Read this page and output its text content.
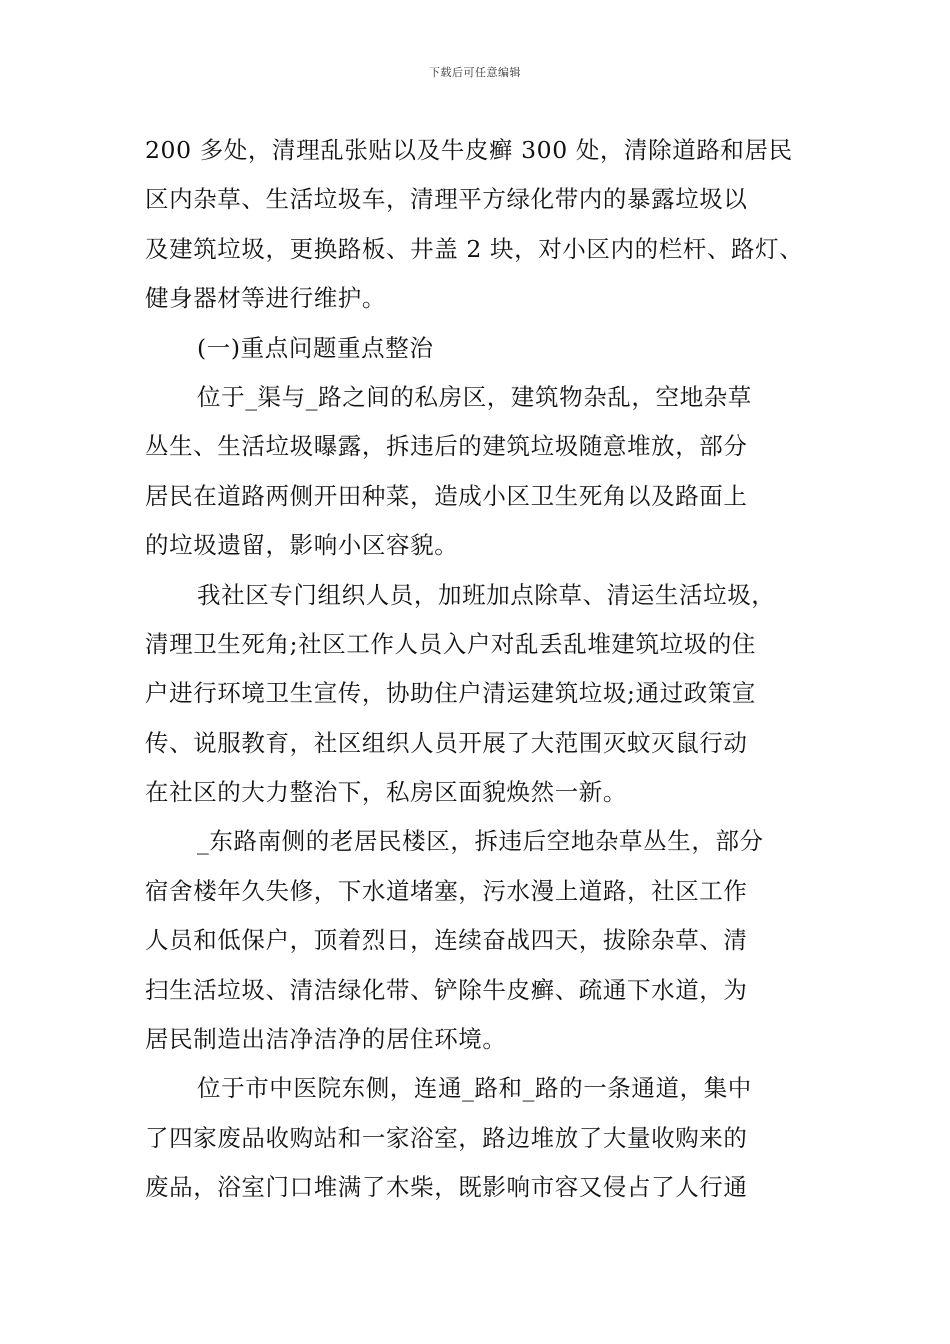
下载后可任意编辑
200 多处，清理乱张贴以及牛皮癣 300 处，清除道路和居民
区内杂草、生活垃圾车，清理平方绿化带内的暴露垃圾以
及建筑垃圾，更换路板、井盖 2 块，对小区内的栏杆、路灯、
健身器材等进行维护。
(一)重点问题重点整治
位于_渠与_路之间的私房区，建筑物杂乱，空地杂草
丛生、生活垃圾曝露，拆违后的建筑垃圾随意堆放，部分
居民在道路两侧开田种菜，造成小区卫生死角以及路面上
的垃圾遗留，影响小区容貌。
我社区专门组织人员，加班加点除草、清运生活垃圾，
清理卫生死角;社区工作人员入户对乱丢乱堆建筑垃圾的住
户进行环境卫生宣传，协助住户清运建筑垃圾;通过政策宣
传、说服教育，社区组织人员开展了大范围灭蚊灭鼠行动
在社区的大力整治下，私房区面貌焕然一新。
_东路南侧的老居民楼区，拆违后空地杂草丛生，部分
宿舍楼年久失修，下水道堵塞，污水漫上道路，社区工作
人员和低保户，顶着烈日，连续奋战四天，拔除杂草、清
扫生活垃圾、清洁绿化带、铲除牛皮癣、疏通下水道，为
居民制造出洁净洁净的居住环境。
位于市中医院东侧，连通_路和_路的一条通道，集中
了四家废品收购站和一家浴室，路边堆放了大量收购来的
废品，浴室门口堆满了木柴，既影响市容又侵占了人行通
